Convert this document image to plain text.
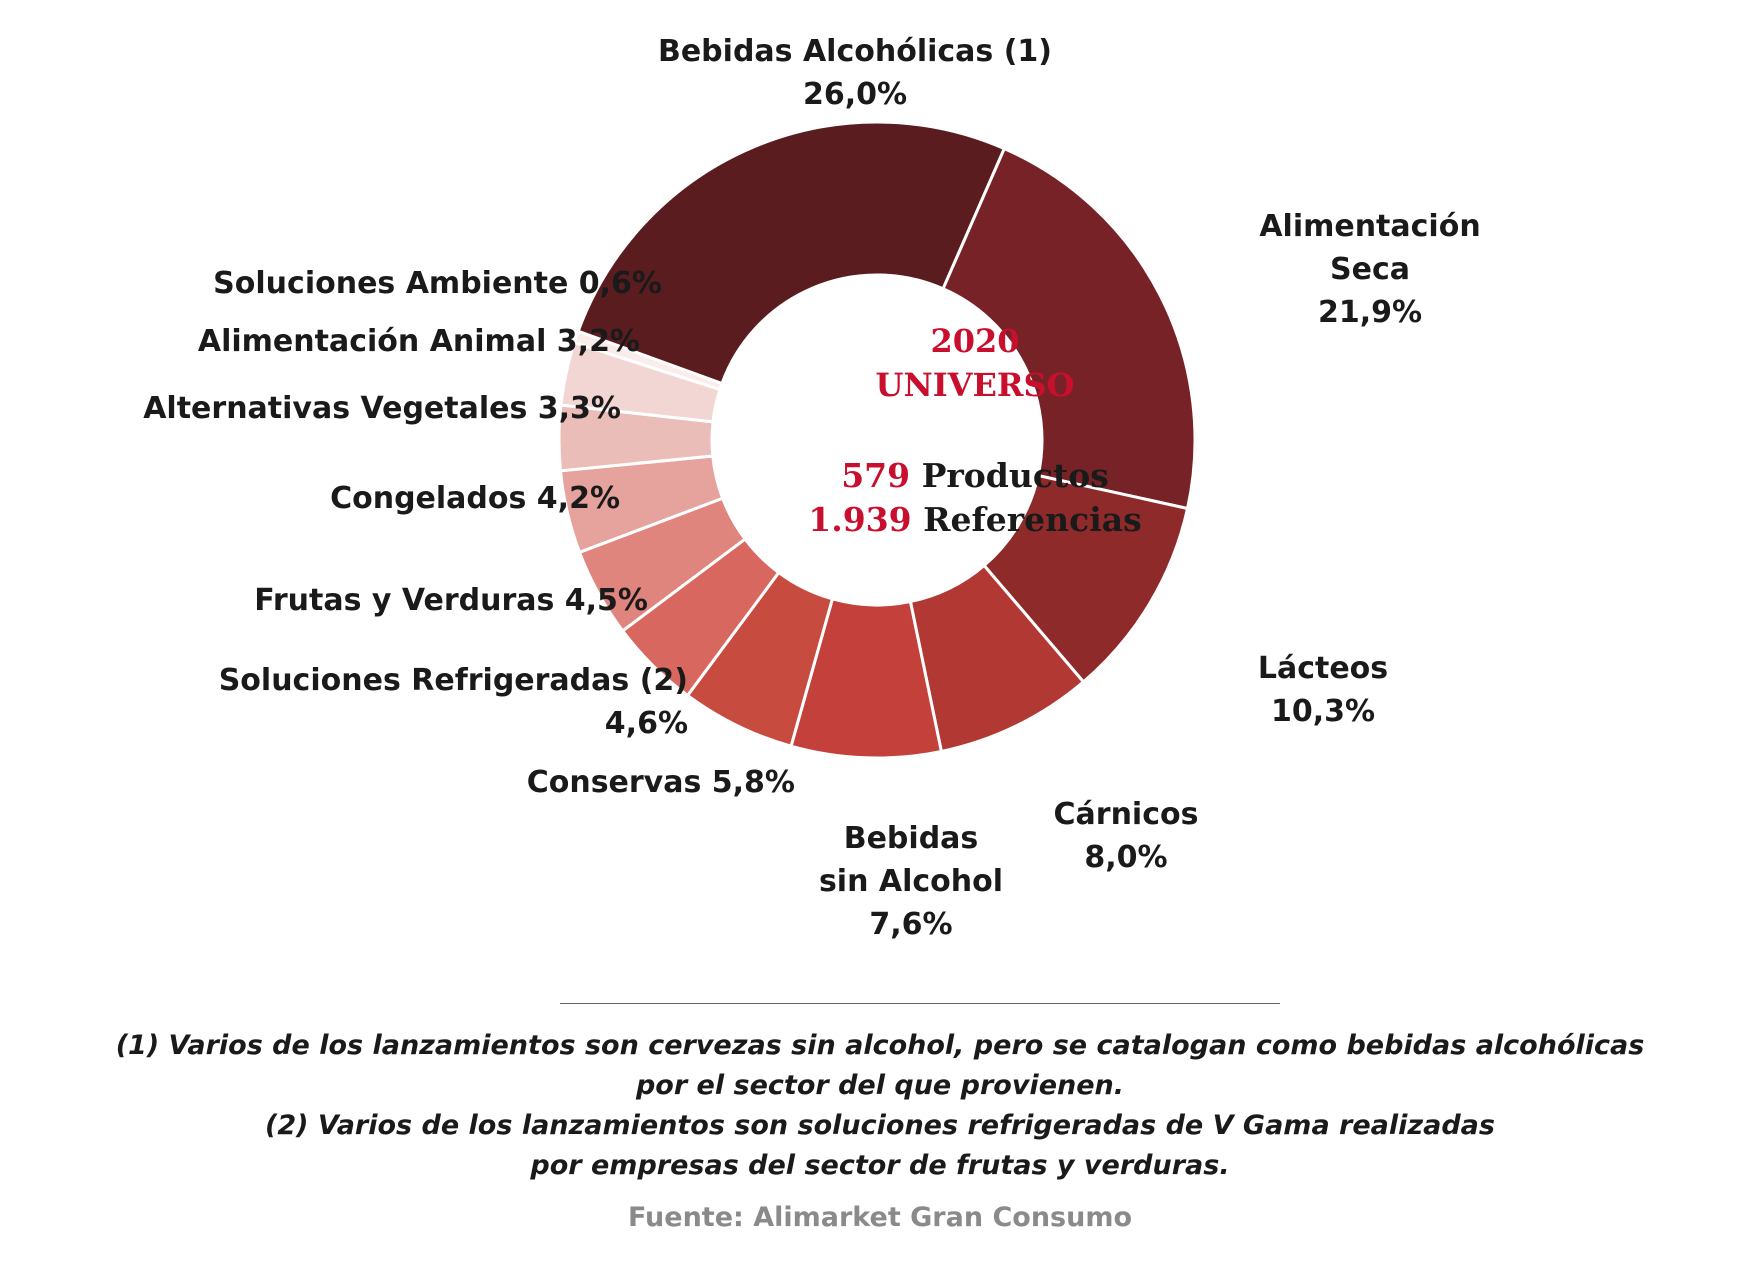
Bebidas Alcohólicas (1)
26,0%
Alimentación
Seca
21,9%
Lácteos
10,3%
Cárnicos
8,0%
Bebidas
sin Alcohol
7,6%
Conservas 5,8%
Soluciones Refrigeradas (2)
4,6%
Frutas y Verduras 4,5%
Congelados 4,2%
Alternativas Vegetales 3,3%
Alimentación Animal 3,2%
Soluciones Ambiente 0,6%
2020
UNIVERSO
579 Productos
1.939 Referencias
(1) Varios de los lanzamientos son cervezas sin alcohol, pero se catalogan como bebidas alcohólicas
por el sector del que provienen.
(2) Varios de los lanzamientos son soluciones refrigeradas de V Gama realizadas
por empresas del sector de frutas y verduras.
Fuente: Alimarket Gran Consumo
